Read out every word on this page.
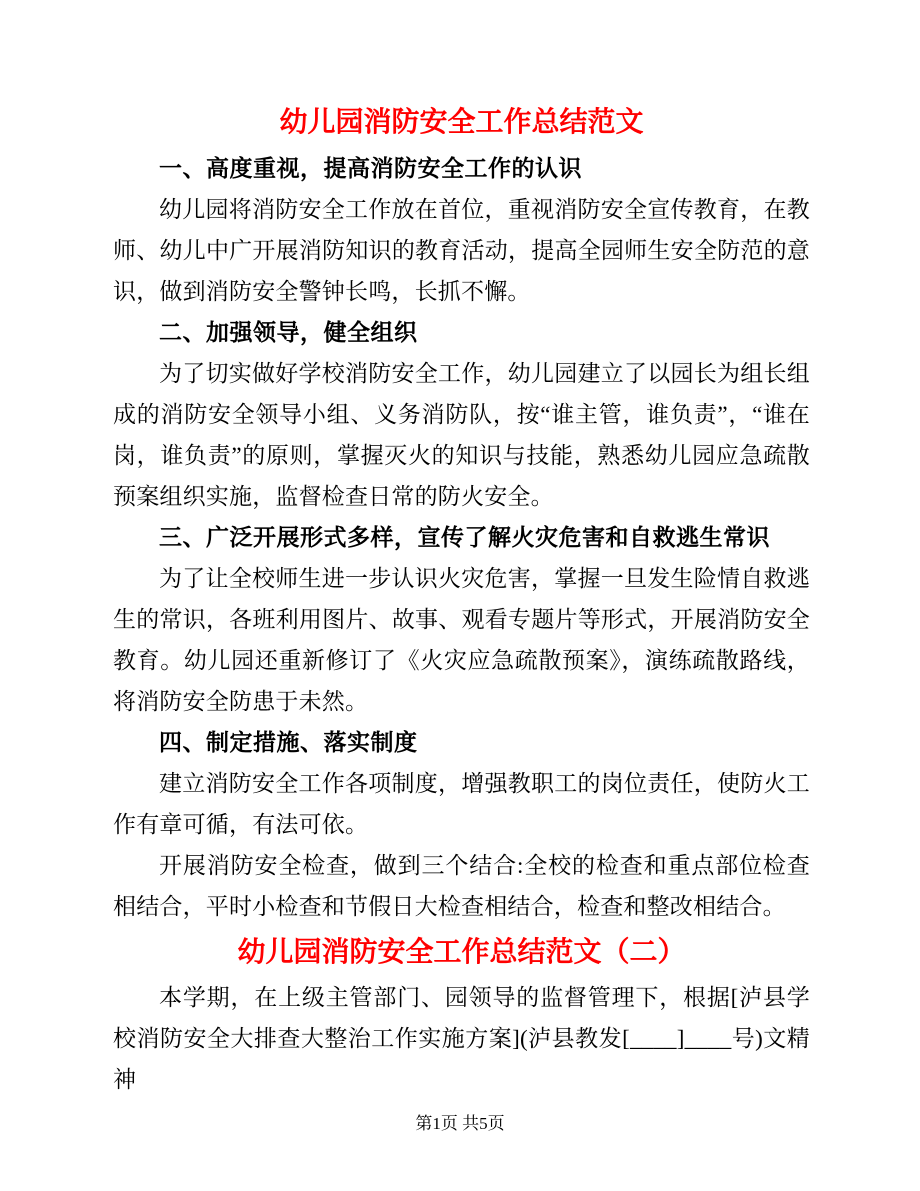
幼儿园消防安全工作总结范文
一、高度重视，提高消防安全工作的认识

幼儿园将消防安全工作放在首位，重视消防安全宣传教育，在教师、幼儿中广开展消防知识的教育活动，提高全园师生安全防范的意识，做到消防安全警钟长鸣，长抓不懈。

二、加强领导，健全组织

为了切实做好学校消防安全工作，幼儿园建立了以园长为组长组成的消防安全领导小组、义务消防队，按“谁主管，谁负责”，“谁在岗，谁负责”的原则，掌握灭火的知识与技能，熟悉幼儿园应急疏散预案组织实施，监督检查日常的防火安全。

三、广泛开展形式多样，宣传了解火灾危害和自救逃生常识

为了让全校师生进一步认识火灾危害，掌握一旦发生险情自救逃生的常识，各班利用图片、故事、观看专题片等形式，开展消防安全教育。幼儿园还重新修订了《火灾应急疏散预案》，演练疏散路线，将消防安全防患于未然。

四、制定措施、落实制度

建立消防安全工作各项制度，增强教职工的岗位责任，使防火工作有章可循，有法可依。

开展消防安全检查，做到三个结合:全校的检查和重点部位检查相结合，平时小检查和节假日大检查相结合，检查和整改相结合。

幼儿园消防安全工作总结范文（二）

本学期，在上级主管部门、园领导的监督管理下，根据[泸县学校消防安全大排查大整治工作实施方案](泸县教发[____]____号)文精神

第1页 共5页
